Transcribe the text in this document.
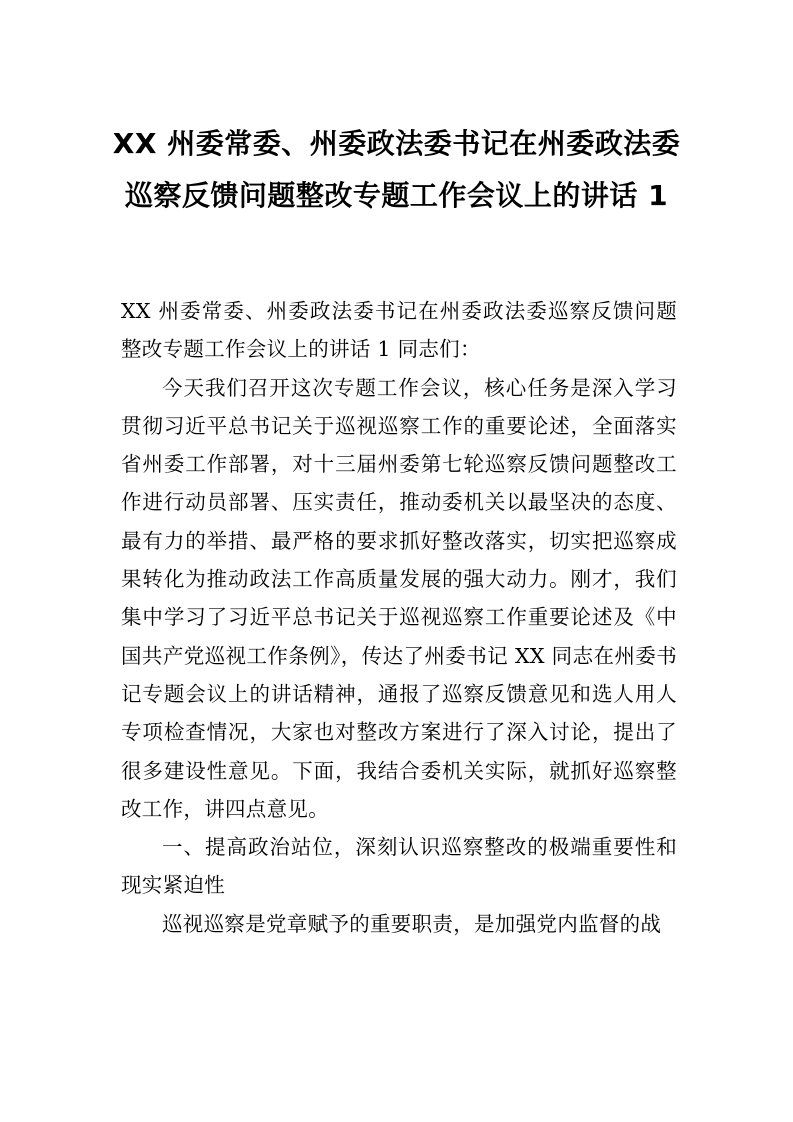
XX 州委常委、州委政法委书记在州委政法委巡察反馈问题整改专题工作会议上的讲话 1

XX 州委常委、州委政法委书记在州委政法委巡察反馈问题整改专题工作会议上的讲话 1 同志们：

今天我们召开这次专题工作会议，核心任务是深入学习贯彻习近平总书记关于巡视巡察工作的重要论述，全面落实省州委工作部署，对十三届州委第七轮巡察反馈问题整改工作进行动员部署、压实责任，推动委机关以最坚决的态度、最有力的举措、最严格的要求抓好整改落实，切实把巡察成果转化为推动政法工作高质量发展的强大动力。刚才，我们集中学习了习近平总书记关于巡视巡察工作重要论述及《中国共产党巡视工作条例》，传达了州委书记 XX 同志在州委书记专题会议上的讲话精神，通报了巡察反馈意见和选人用人专项检查情况，大家也对整改方案进行了深入讨论，提出了很多建设性意见。下面，我结合委机关实际，就抓好巡察整改工作，讲四点意见。

一、提高政治站位，深刻认识巡察整改的极端重要性和现实紧迫性

巡视巡察是党章赋予的重要职责，是加强党内监督的战
